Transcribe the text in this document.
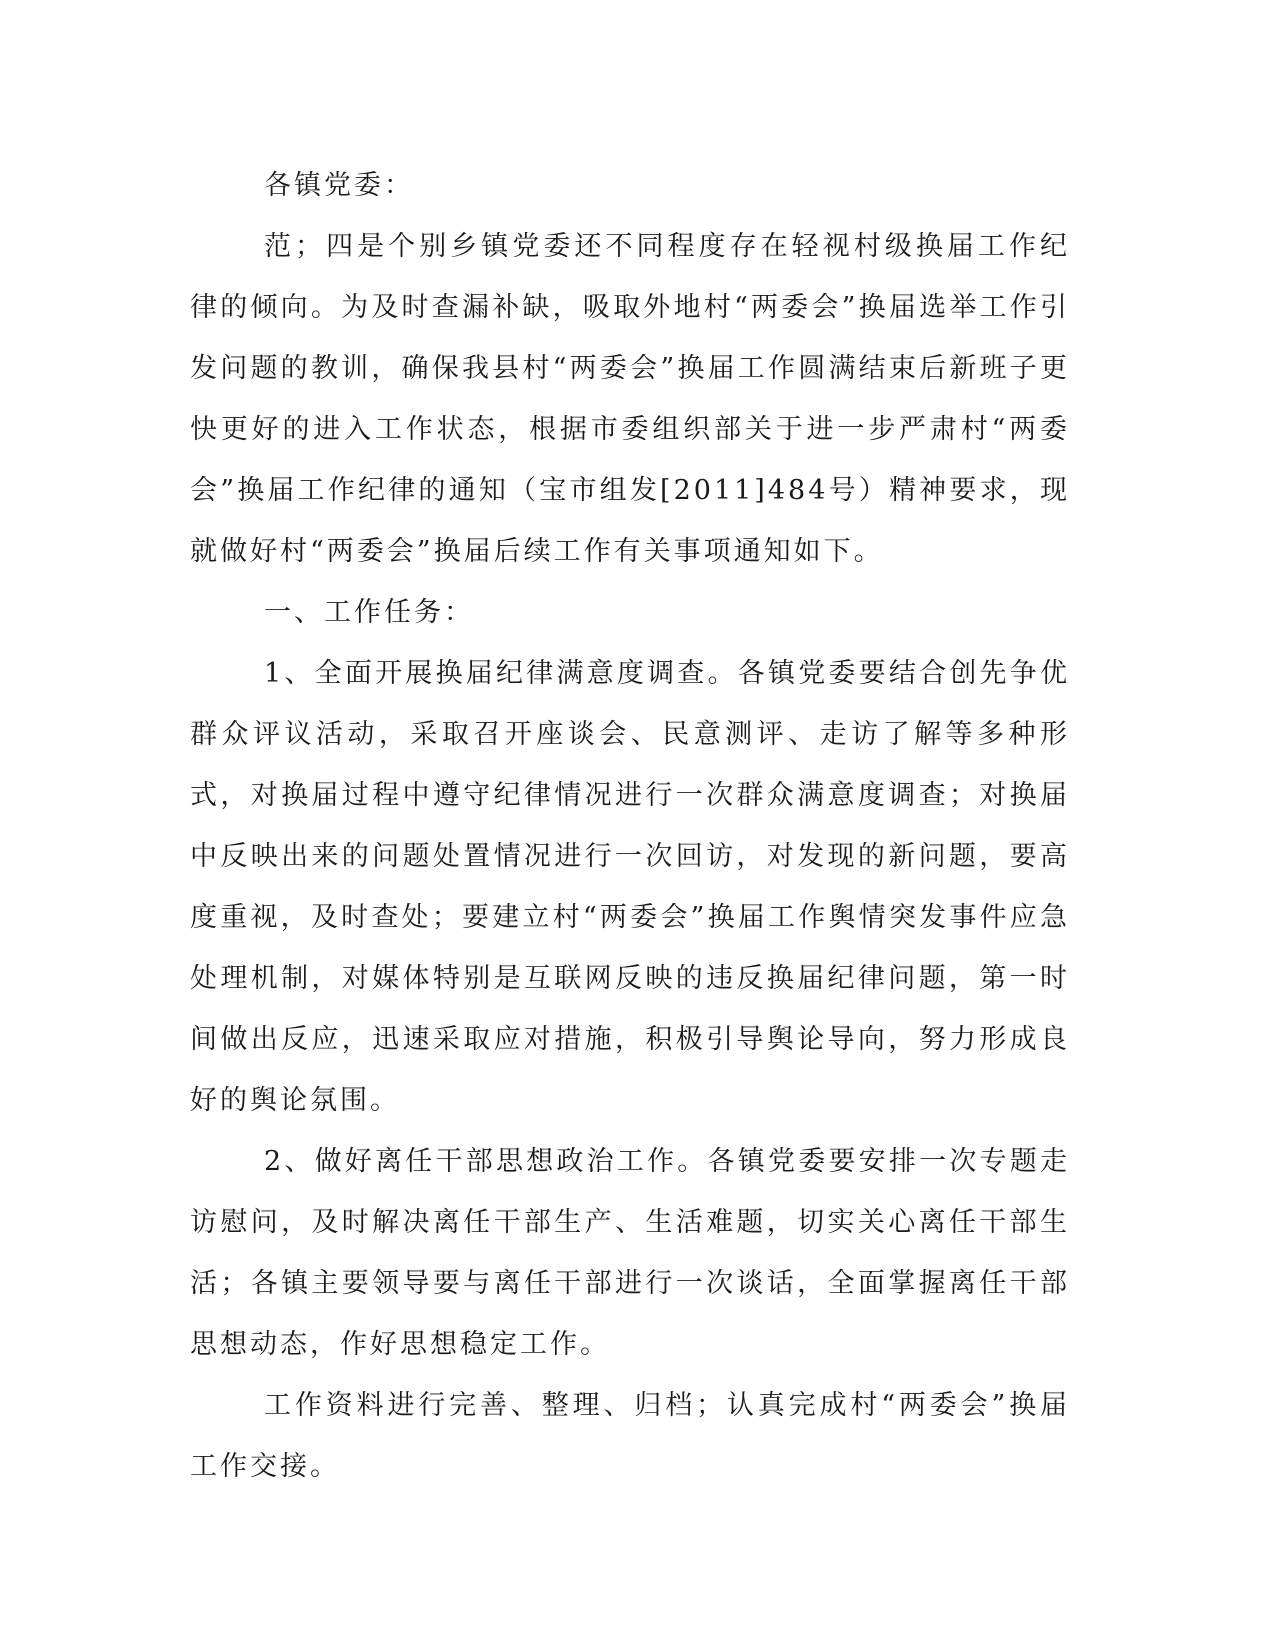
各镇党委：

范；四是个别乡镇党委还不同程度存在轻视村级换届工作纪律的倾向。为及时查漏补缺，吸取外地村“两委会”换届选举工作引发问题的教训，确保我县村“两委会”换届工作圆满结束后新班子更快更好的进入工作状态，根据市委组织部关于进一步严肃村“两委会”换届工作纪律的通知（宝市组发[2011]484号）精神要求，现就做好村“两委会”换届后续工作有关事项通知如下。

一、工作任务：

1、全面开展换届纪律满意度调查。各镇党委要结合创先争优群众评议活动，采取召开座谈会、民意测评、走访了解等多种形式，对换届过程中遵守纪律情况进行一次群众满意度调查；对换届中反映出来的问题处置情况进行一次回访，对发现的新问题，要高度重视，及时查处；要建立村“两委会”换届工作舆情突发事件应急处理机制，对媒体特别是互联网反映的违反换届纪律问题，第一时间做出反应，迅速采取应对措施，积极引导舆论导向，努力形成良好的舆论氛围。

2、做好离任干部思想政治工作。各镇党委要安排一次专题走访慰问，及时解决离任干部生产、生活难题，切实关心离任干部生活；各镇主要领导要与离任干部进行一次谈话，全面掌握离任干部思想动态，作好思想稳定工作。

工作资料进行完善、整理、归档；认真完成村“两委会”换届工作交接。
